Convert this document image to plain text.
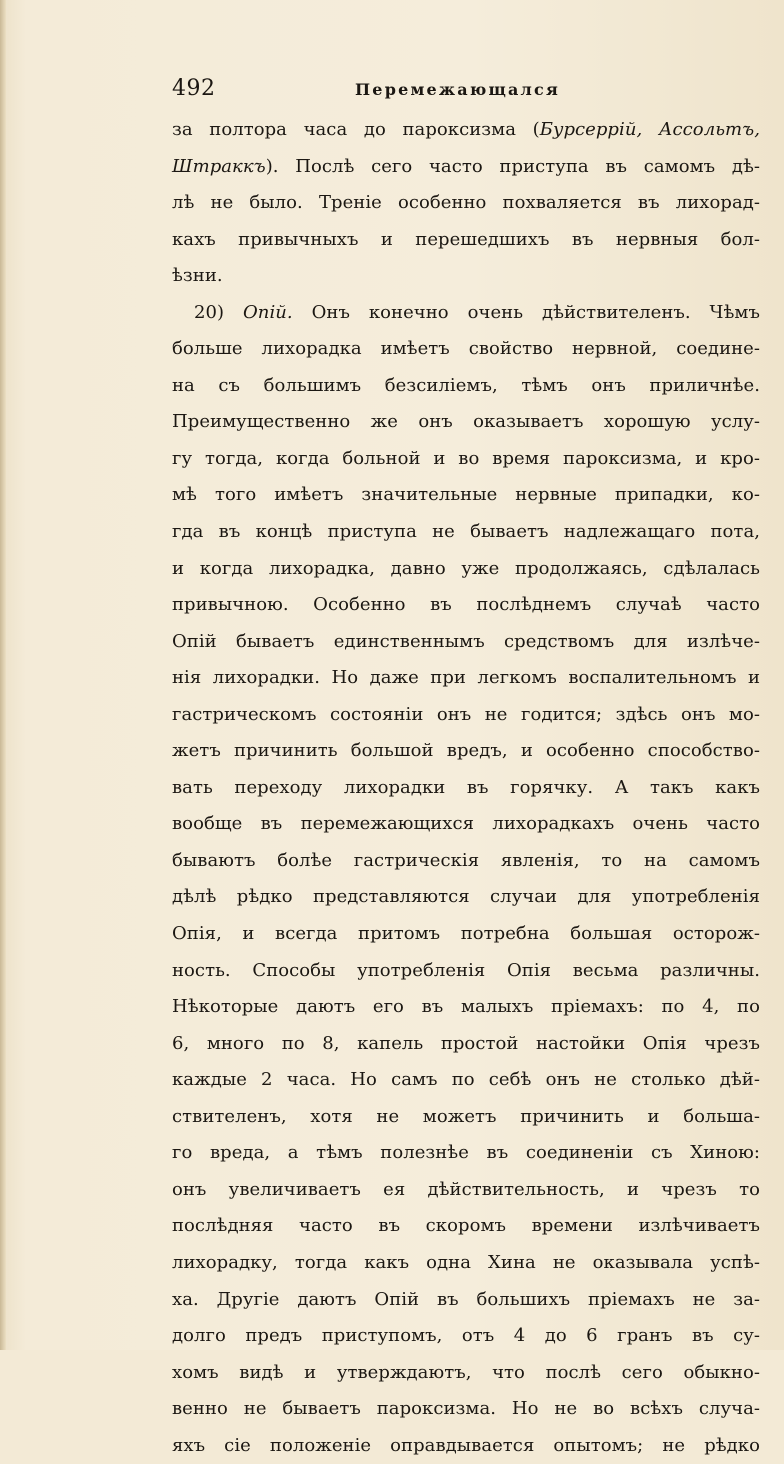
492	Перемежающался
за полтора часа до пароксизма (Бурсеррій, Ассольтъ,
Штраккъ). Послѣ сего часто приступа въ самомъ дѣ-
лѣ не было. Треніе особенно похваляется въ лихорад-
кахъ привычныхъ и перешедшихъ въ нервныя бол-
ѣзни.
20) Опій. Онъ конечно очень дѣйствителенъ. Чѣмъ
больше лихорадка имѣетъ свойство нервной, соедине-
на съ большимъ безсиліемъ, тѣмъ онъ приличнѣе.
Преимущественно же онъ оказываетъ хорошую услу-
гу тогда, когда больной и во время пароксизма, и кро-
мѣ того имѣетъ значительные нервные припадки, ко-
гда въ концѣ приступа не бываетъ надлежащаго пота,
и когда лихорадка, давно уже продолжаясь, сдѣлалась
привычною. Особенно въ послѣднемъ случаѣ часто
Опій бываетъ единственнымъ средствомъ для излѣче-
нія лихорадки. Но даже при легкомъ воспалительномъ и
гастрическомъ состояніи онъ не годится; здѣсь онъ мо-
жетъ причинить большой вредъ, и особенно способство-
вать переходу лихорадки въ горячку. А такъ какъ
вообще въ перемежающихся лихорадкахъ очень часто
бываютъ болѣе гастрическія явленія, то на самомъ
дѣлѣ рѣдко представляются случаи для употребленія
Опія, и всегда притомъ потребна большая осторож-
ность. Способы употребленія Опія весьма различны.
Нѣкоторые даютъ его въ малыхъ пріемахъ: по 4, по
6, много по 8, капель простой настойки Опія чрезъ
каждые 2 часа. Но самъ по себѣ онъ не столько дѣй-
ствителенъ, хотя не можетъ причинить и большa-
го вреда, а тѣмъ полезнѣе въ соединеніи съ Хиною:
онъ увеличиваетъ ея дѣйствительность, и чрезъ то
послѣдняя часто въ скоромъ времени излѣчиваетъ
лихорадку, тогда какъ одна Хина не оказывала успѣ-
ха. Другіе даютъ Опій въ большихъ пріемахъ не за-
долго предъ приступомъ, отъ 4 до 6 гранъ въ су-
хомъ видѣ и утверждаютъ, что послѣ сего обыкно-
венно не бываетъ пароксизма. Но не во всѣхъ случа-
яхъ сіе положеніе оправдывается опытомъ; не рѣдко
